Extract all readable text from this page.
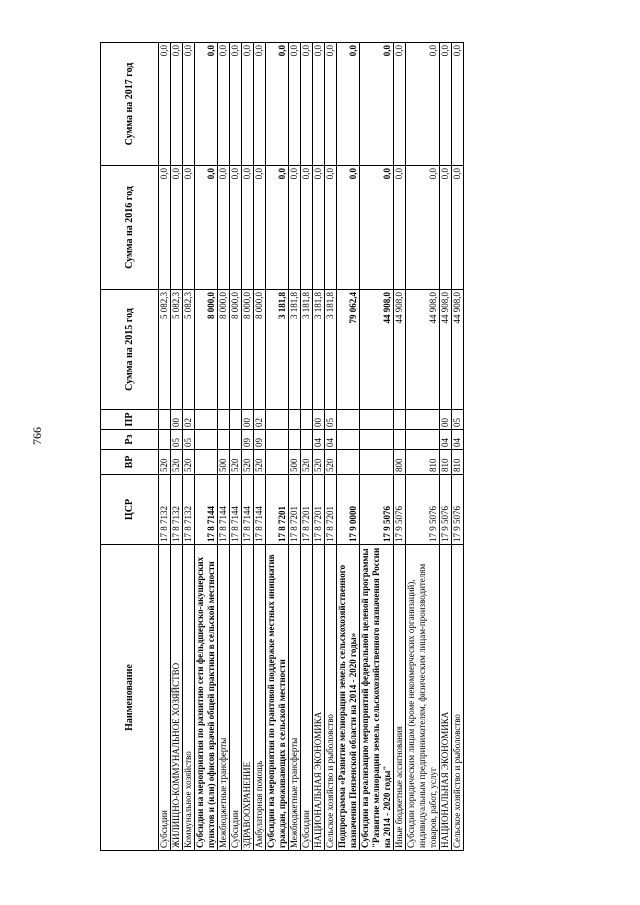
766
Наименование	ЦСР	ВР	Рз	ПР	Сумма на 2015 год	Сумма на 2016 год	Сумма на 2017 год
Субсидии	17 8 7132	520			5 082,3	0,0	0,0
ЖИЛИЩНО-КОММУНАЛЬНОЕ ХОЗЯЙСТВО	17 8 7132	520	05	00	5 082,3	0,0	0,0
Коммунальное хозяйство	17 8 7132	520	05	02	5 082,3	0,0	0,0
Субсидии на мероприятия по развитию сети фельдшерско-акушерских пунктов и (или) офисов врачей общей практики в сельской местности	17 8 7144				8 000,0	0,0	0,0
Межбюджетные трансферты	17 8 7144	500			8 000,0	0,0	0,0
Субсидии	17 8 7144	520			8 000,0	0,0	0,0
ЗДРАВООХРАНЕНИЕ	17 8 7144	520	09	00	8 000,0	0,0	0,0
Амбулаторная помощь	17 8 7144	520	09	02	8 000,0	0,0	0,0
Субсидии на мероприятия по грантовой поддержке местных инициатив граждан, проживающих в сельской местности	17 8 7201				3 181,8	0,0	0,0
Межбюджетные трансферты	17 8 7201	500			3 181,8	0,0	0,0
Субсидии	17 8 7201	520			3 181,8	0,0	0,0
НАЦИОНАЛЬНАЯ ЭКОНОМИКА	17 8 7201	520	04	00	3 181,8	0,0	0,0
Сельское хозяйство и рыболовство	17 8 7201	520	04	05	3 181,8	0,0	0,0
Подпрограмма «Развитие мелиорации земель сельскохозяйственного назначения Пензенской области на 2014 - 2020 годы»	17 9 0000				79 062,4	0,0	0,0
Субсидии на реализацию мероприятий федеральной целевой программы "Развитие мелиорации земель сельскохозяйственного назначения России на 2014 - 2020 годы"	17 9 5076				44 908,0	0,0	0,0
Иные бюджетные ассигнования	17 9 5076	800			44 908,0	0,0	0,0
Субсидии юридическим лицам (кроме некоммерческих организаций), индивидуальным предпринимателям, физическим лицам-производителям товаров, работ, услуг	17 9 5076	810			44 908,0	0,0	0,0
НАЦИОНАЛЬНАЯ ЭКОНОМИКА	17 9 5076	810	04	00	44 908,0	0,0	0,0
Сельское хозяйство и рыболовство	17 9 5076	810	04	05	44 908,0	0,0	0,0
